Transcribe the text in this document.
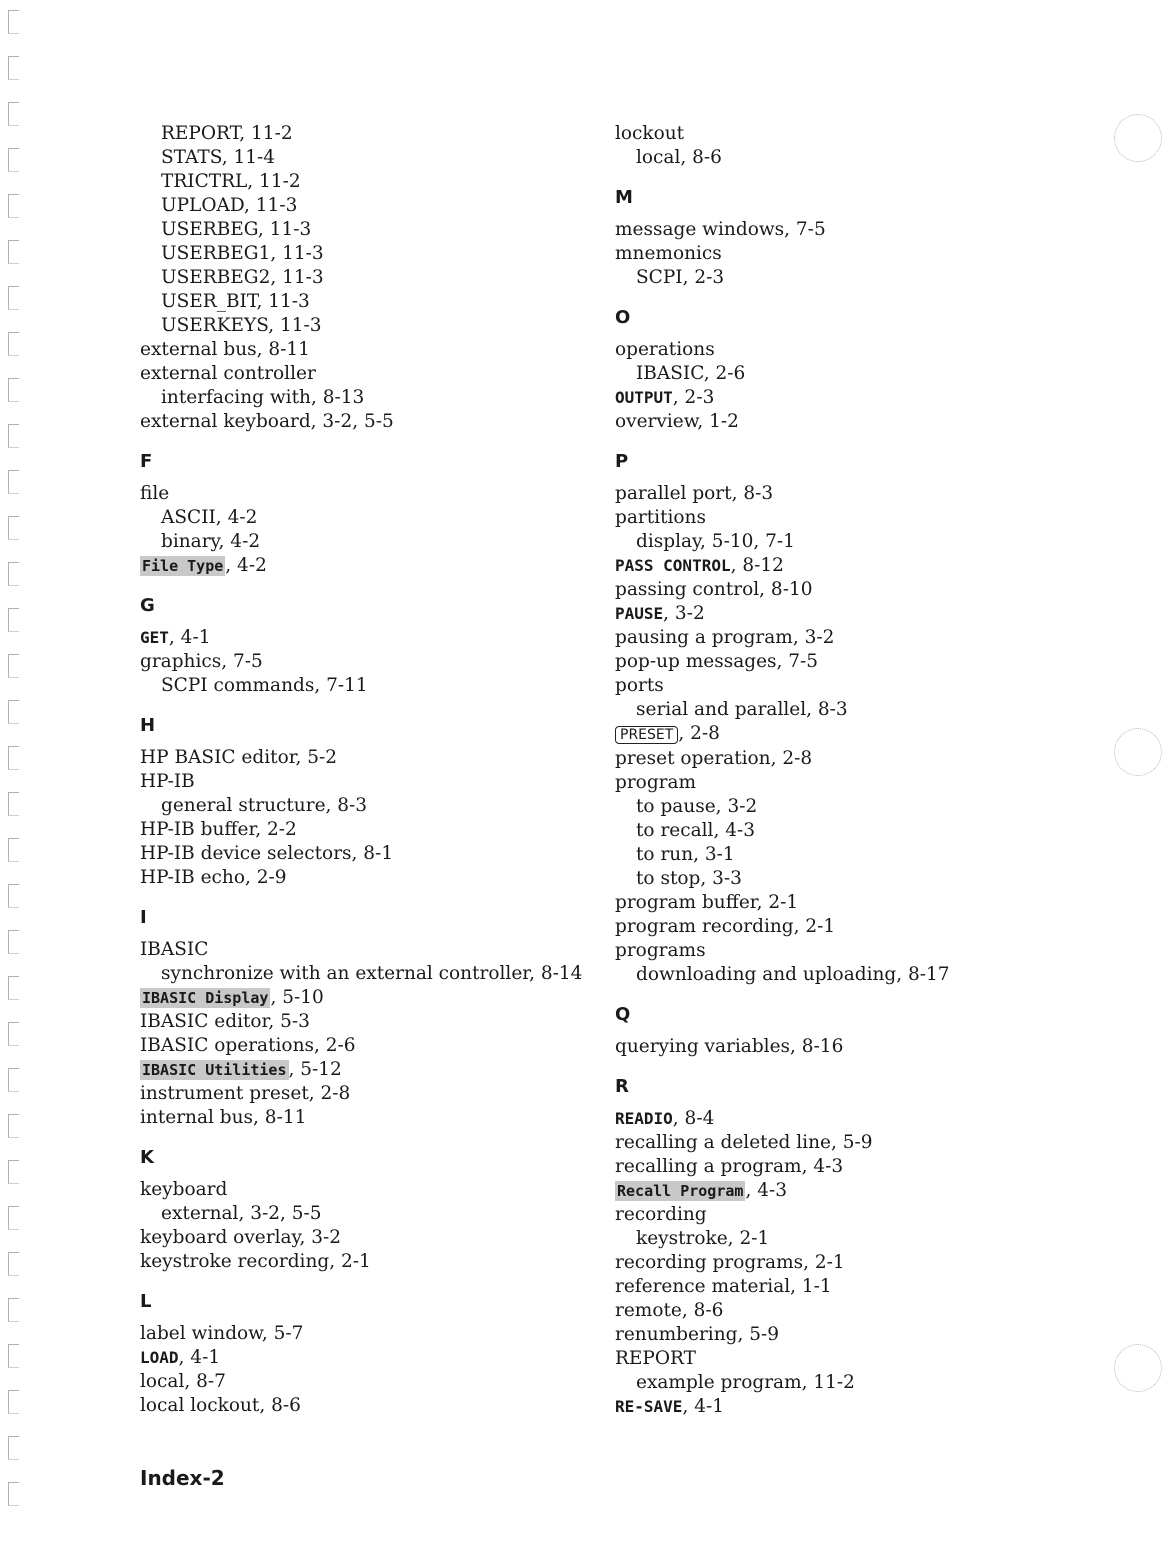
REPORT, 11-2
STATS, 11-4
TRICTRL, 11-2
UPLOAD, 11-3
USERBEG, 11-3
USERBEG1, 11-3
USERBEG2, 11-3
USER_BIT, 11-3
USERKEYS, 11-3
external bus, 8-11
external controller
interfacing with, 8-13
external keyboard, 3-2, 5-5
F
file
ASCII, 4-2
binary, 4-2
File Type , 4-2
G
GET, 4-1
graphics, 7-5
SCPI commands, 7-11
H
HP BASIC editor, 5-2
HP-IB
general structure, 8-3
HP-IB buffer, 2-2
HP-IB device selectors, 8-1
HP-IB echo, 2-9
I
IBASIC
synchronize with an external controller, 8-14
IBASIC Display , 5-10
IBASIC editor, 5-3
IBASIC operations, 2-6
IBASIC Utilities , 5-12
instrument preset, 2-8
internal bus, 8-11
K
keyboard
external, 3-2, 5-5
keyboard overlay, 3-2
keystroke recording, 2-1
L
label window, 5-7
LOAD, 4-1
local, 8-7
local lockout, 8-6
lockout
local, 8-6
M
message windows, 7-5
mnemonics
SCPI, 2-3
O
operations
IBASIC, 2-6
OUTPUT, 2-3
overview, 1-2
P
parallel port, 8-3
partitions
display, 5-10, 7-1
PASS CONTROL, 8-12
passing control, 8-10
PAUSE, 3-2
pausing a program, 3-2
pop-up messages, 7-5
ports
serial and parallel, 8-3
PRESET , 2-8
preset operation, 2-8
program
to pause, 3-2
to recall, 4-3
to run, 3-1
to stop, 3-3
program buffer, 2-1
program recording, 2-1
programs
downloading and uploading, 8-17
Q
querying variables, 8-16
R
READIO, 8-4
recalling a deleted line, 5-9
recalling a program, 4-3
Recall Program , 4-3
recording
keystroke, 2-1
recording programs, 2-1
reference material, 1-1
remote, 8-6
renumbering, 5-9
REPORT
example program, 11-2
RE-SAVE, 4-1
Index-2
